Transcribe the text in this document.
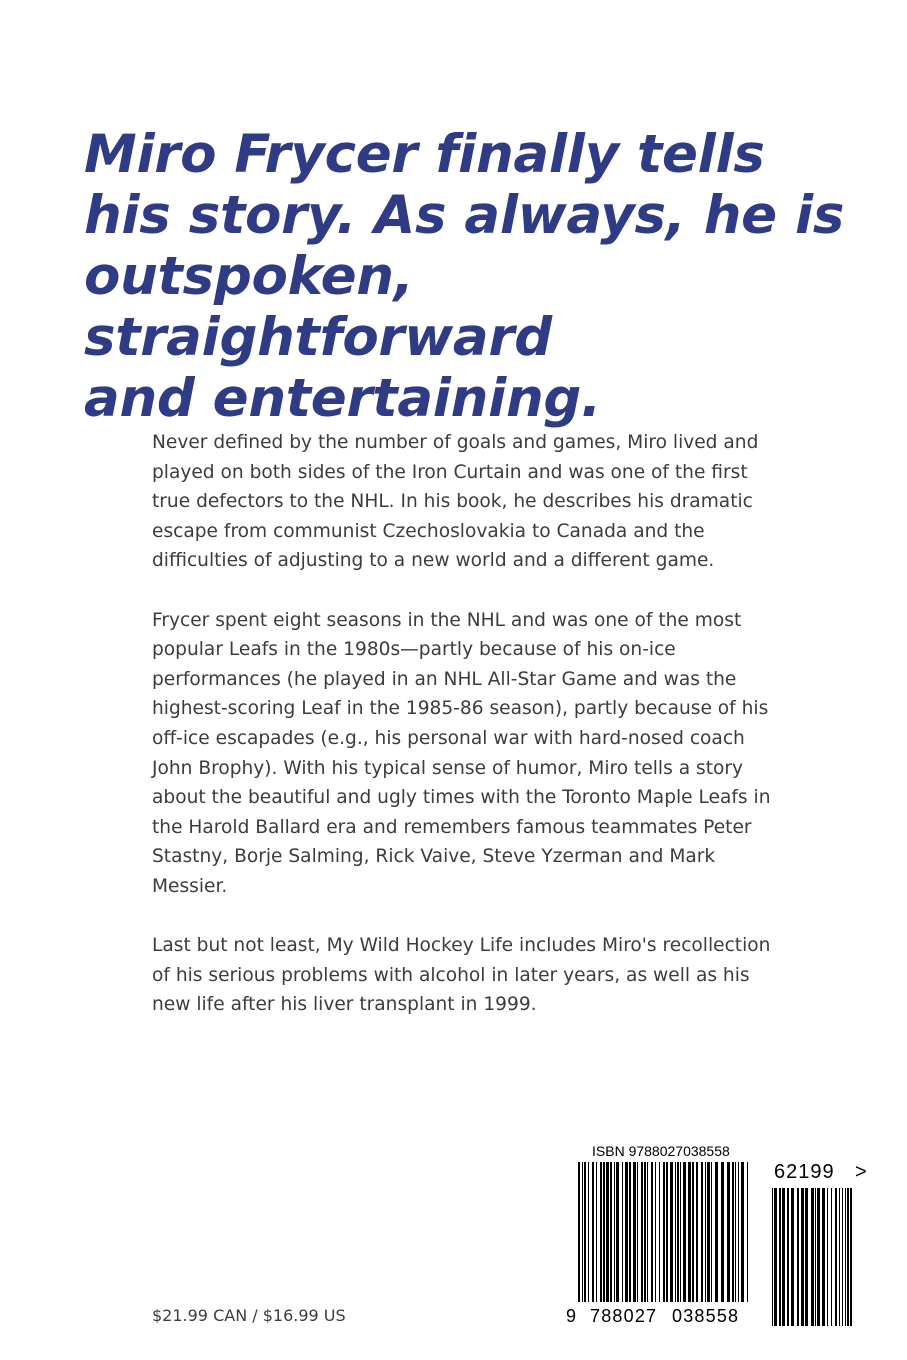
Miro Frycer finally tells
his story. As always, he is
outspoken, straightforward
and entertaining.

Never defined by the number of goals and games, Miro lived and played on both sides of the Iron Curtain and was one of the first true defectors to the NHL. In his book, he describes his dramatic escape from communist Czechoslovakia to Canada and the difficulties of adjusting to a new world and a different game.

Frycer spent eight seasons in the NHL and was one of the most popular Leafs in the 1980s—partly because of his on-ice performances (he played in an NHL All-Star Game and was the highest-scoring Leaf in the 1985-86 season), partly because of his off-ice escapades (e.g., his personal war with hard-nosed coach John Brophy). With his typical sense of humor, Miro tells a story about the beautiful and ugly times with the Toronto Maple Leafs in the Harold Ballard era and remembers famous teammates Peter Stastny, Borje Salming, Rick Vaive, Steve Yzerman and Mark Messier.

Last but not least, My Wild Hockey Life includes Miro's recollection of his serious problems with alcohol in later years, as well as his new life after his liver transplant in 1999.

$21.99 CAN / $16.99 US
ISBN 9788027038558
9 788027 038558
62199 >
